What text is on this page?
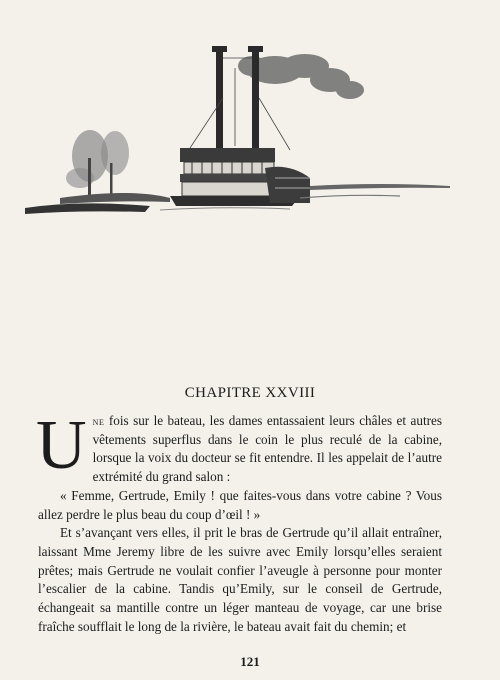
CHAPITRE XXVIII

Une fois sur le bateau, les dames entassaient leurs châles et autres vêtements superflus dans le coin le plus reculé de la cabine, lorsque la voix du docteur se fit entendre. Il les appelait de l’autre extrémité du grand salon :

« Femme, Gertrude, Emily ! que faites-vous dans votre cabine ? Vous allez perdre le plus beau du coup d’œil ! »

Et s’avançant vers elles, il prit le bras de Gertrude qu’il allait entraîner, laissant Mme Jeremy libre de les suivre avec Emily lorsqu’elles seraient prêtes; mais Gertrude ne voulait confier l’aveugle à personne pour monter l’escalier de la cabine. Tandis qu’Emily, sur le conseil de Gertrude, échangeait sa mantille contre un léger manteau de voyage, car une brise fraîche soufflait le long de la rivière, le bateau avait fait du chemin; et

121
